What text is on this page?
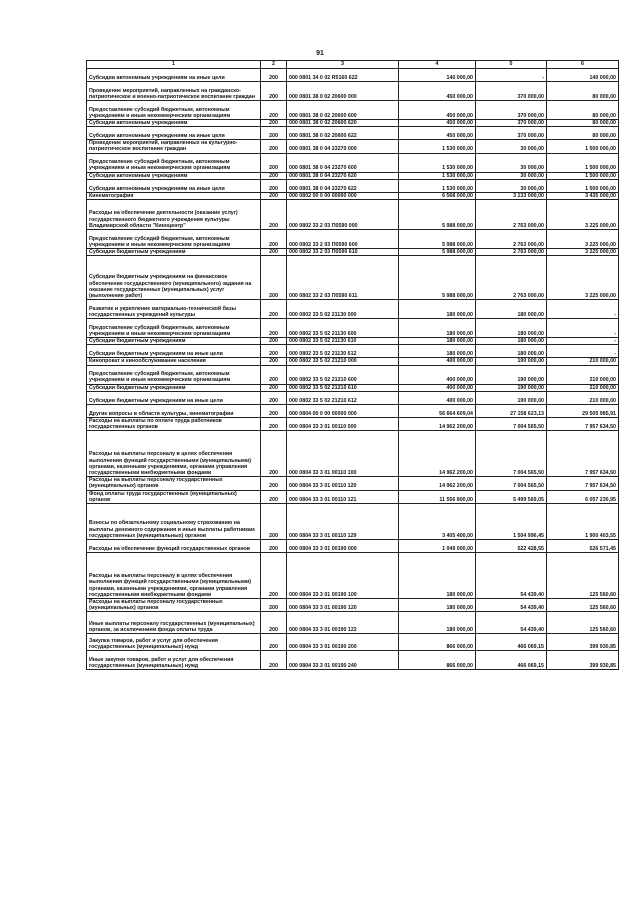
91
1	2	3	4	5	6
Субсидии автономным учреждениям на иные цели	200	000 0801 34 0 02 R5160 622	140 000,00	-	140 000,00
Проведение мероприятий, направленных на гражданско-патриотическое и военно-патриотическое воспитание граждан	200	000 0801 38 0 02 20600 000	450 000,00	370 000,00	80 000,00
Предоставление субсидий бюджетным, автономным учреждениям и иным некоммерческим организациям	200	000 0801 38 0 02 20600 600	450 000,00	370 000,00	80 000,00
Субсидии автономным учреждениям	200	000 0801 38 0 02 20600 620	450 000,00	370 000,00	80 000,00
Субсидии автономным учреждениям на иные цели	200	000 0801 38 0 02 20600 622	450 000,00	370 000,00	80 000,00
Проведение мероприятий, направленных на культурно-патриотическое воспитание граждан	200	000 0801 38 0 04 23270 000	1 530 000,00	30 000,00	1 500 000,00
Предоставление субсидий бюджетным, автономным учреждениям и иным некоммерческим организациям	200	000 0801 38 0 04 23270 600	1 530 000,00	30 000,00	1 500 000,00
Субсидии автономным учреждениям	200	000 0801 38 0 04 23270 620	1 530 000,00	30 000,00	1 500 000,00
Субсидии автономным учреждениям на иные цели	200	000 0801 38 0 04 23270 622	1 530 000,00	30 000,00	1 500 000,00
Кинематография	200	000 0802 00 0 00 00000 000	6 568 000,00	3 133 000,00	3 435 000,00
Расходы на обеспечение деятельности (оказание услуг) государственного бюджетного учреждения культуры Владимирской области "Киноцентр"	200	000 0802 33 2 03 П0590 000	5 988 000,00	2 763 000,00	3 225 000,00
Предоставление субсидий бюджетным, автономным учреждениям и иным некоммерческим организациям	200	000 0802 33 2 03 П0590 600	5 988 000,00	2 763 000,00	3 225 000,00
Субсидии бюджетным учреждениям	200	000 0802 33 2 03 П0590 610	5 988 000,00	2 763 000,00	3 225 000,00
Субсидии бюджетным учреждениям на финансовое обеспечение государственного (муниципального) задания на оказание государственных (муниципальных) услуг (выполнение работ)	200	000 0802 33 2 03 П0590 611	5 988 000,00	2 763 000,00	3 225 000,00
Развитие и укрепление материально-технической базы государственных учреждений культуры	200	000 0802 33 5 02 21130 000	180 000,00	180 000,00	-
Предоставление субсидий бюджетным, автономным учреждениям и иным некоммерческим организациям	200	000 0802 33 5 02 21130 600	180 000,00	180 000,00	-
Субсидии бюджетным учреждениям	200	000 0802 33 5 02 21130 610	180 000,00	180 000,00	-
Субсидии бюджетным учреждениям на иные цели	200	000 0802 33 5 02 21130 612	180 000,00	180 000,00	-
Кинопрокат и кинообслуживание населения	200	000 0802 33 5 02 21210 000	400 000,00	190 000,00	210 000,00
Предоставление субсидий бюджетным, автономным учреждениям и иным некоммерческим организациям	200	000 0802 33 5 02 21210 600	400 000,00	190 000,00	210 000,00
Субсидии бюджетным учреждениям	200	000 0802 33 5 02 21210 610	400 000,00	190 000,00	210 000,00
Субсидии бюджетным учреждениям на иные цели	200	000 0802 33 5 02 21210 612	400 000,00	190 000,00	210 000,00
Другие вопросы в области культуры, кинематографии	200	000 0804 00 0 00 00000 000	56 664 609,04	27 158 623,13	29 505 985,91
Расходы на выплаты по оплате труда работников государственных органов	200	000 0804 33 3 01 00110 000	14 962 200,00	7 004 565,50	7 957 634,50
Расходы на выплаты персоналу в целях обеспечения выполнения функций государственными (муниципальными) органами, казенными учреждениями, органами управления государственными внебюджетными фондами	200	000 0804 33 3 01 00110 100	14 962 200,00	7 004 565,50	7 957 634,50
Расходы на выплаты персоналу государственных (муниципальных) органов	200	000 0804 33 3 01 00110 120	14 962 200,00	7 004 565,50	7 957 634,50
Фонд оплаты труда государственных (муниципальных) органов	200	000 0804 33 3 01 00110 121	11 556 800,00	5 499 569,05	6 057 230,95
Взносы по обязательному социальному страхованию на выплаты денежного содержания и иные выплаты работникам государственных (муниципальных) органов	200	000 0804 33 3 01 00110 129	3 405 400,00	1 504 996,45	1 900 403,55
Расходы на обеспечение функций государственных органов	200	000 0804 33 3 01 00190 000	1 049 000,00	522 428,55	526 571,45
Расходы на выплаты персоналу в целях обеспечения выполнения функций государственными (муниципальными) органами, казенными учреждениями, органами управления государственными внебюджетными фондами	200	000 0804 33 3 01 00190 100	180 000,00	54 439,40	125 560,60
Расходы на выплаты персоналу государственных (муниципальных) органов	200	000 0804 33 3 01 00190 120	180 000,00	54 439,40	125 560,60
Иные выплаты персоналу государственных (муниципальных) органов, за исключением фонда оплаты труда	200	000 0804 33 3 01 00190 122	180 000,00	54 439,40	125 560,60
Закупка товаров, работ и услуг для обеспечения государственных (муниципальных) нужд	200	000 0804 33 3 01 00190 200	866 000,00	466 069,15	399 930,85
Иные закупки товаров, работ и услуг для обеспечения государственных (муниципальных) нужд	200	000 0804 33 3 01 00190 240	866 000,00	466 069,15	399 930,85
